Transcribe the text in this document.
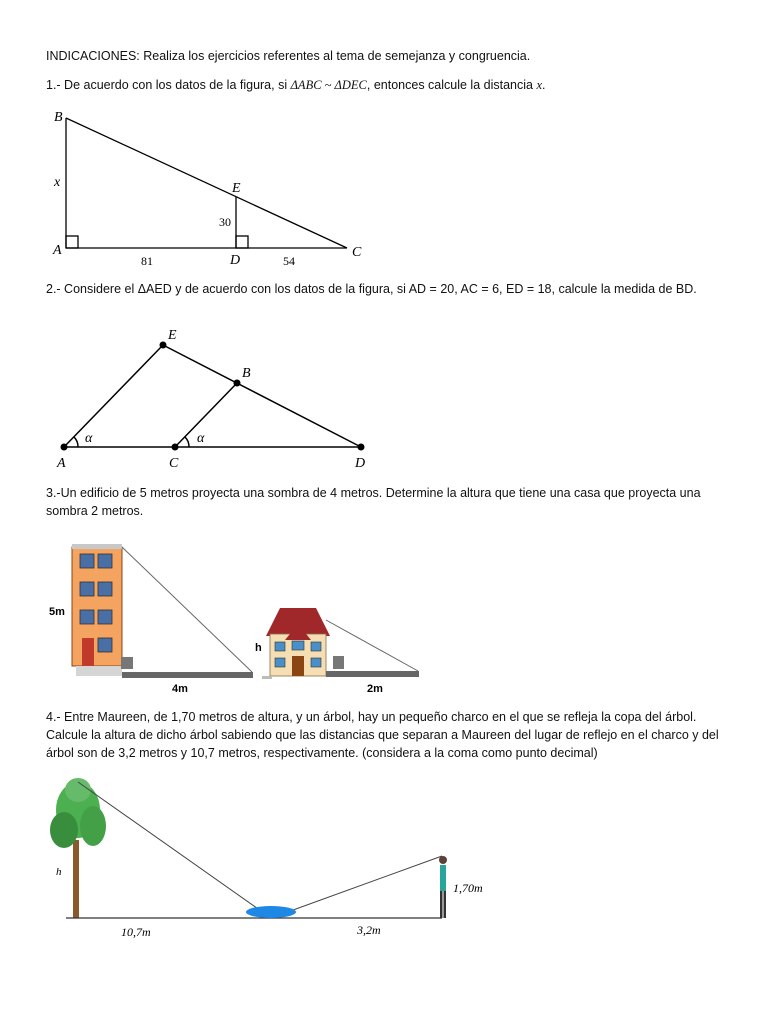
INDICACIONES: Realiza los ejercicios referentes al tema de semejanza y congruencia.
1.- De acuerdo con los datos de la figura, si ΔABC ~ ΔDEC, entonces calcule la distancia x.
B
E
A
D
C
x
30
81	54
2.- Considere el ΔAED y de acuerdo con los datos de la figura, si AD = 20, AC = 6, ED = 18, calcule la medida de BD.
E
B
A	C	D
α	α
3.-Un edificio de 5 metros proyecta una sombra de 4 metros. Determine la altura que tiene una casa que proyecta una sombra 2 metros.
5m
4m
h
2m
4.- Entre Maureen, de 1,70 metros de altura, y un árbol, hay un pequeño charco en el que se refleja la copa del árbol. Calcule la altura de dicho árbol sabiendo que las distancias que separan a Maureen del lugar de reflejo en el charco y del árbol son de 3,2 metros y 10,7 metros, respectivamente. (considera a la coma como punto decimal)
h
10,7m	3,2m
1,70m
